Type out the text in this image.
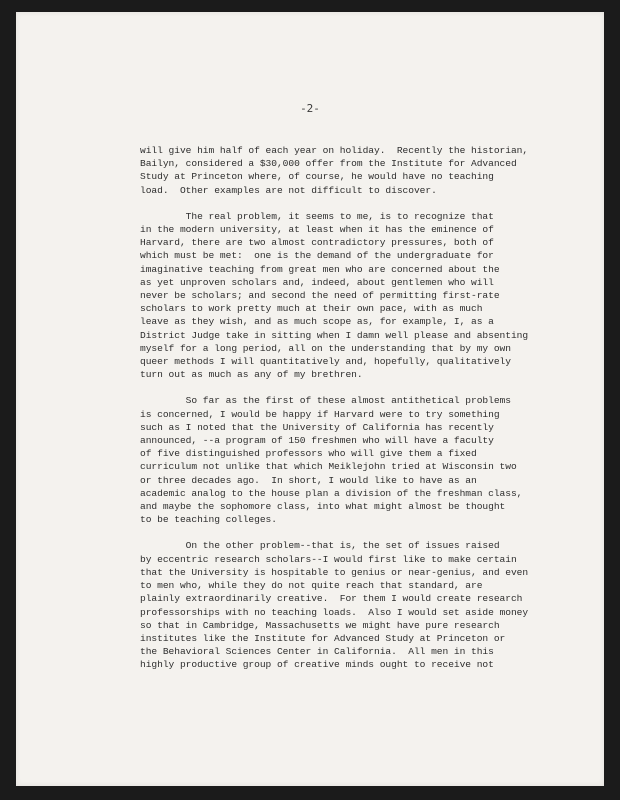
-2-
will give him half of each year on holiday.  Recently the historian,
Bailyn, considered a $30,000 offer from the Institute for Advanced
Study at Princeton where, of course, he would have no teaching
load.  Other examples are not difficult to discover.
The real problem, it seems to me, is to recognize that
in the modern university, at least when it has the eminence of
Harvard, there are two almost contradictory pressures, both of
which must be met:  one is the demand of the undergraduate for
imaginative teaching from great men who are concerned about the
as yet unproven scholars and, indeed, about gentlemen who will
never be scholars; and second the need of permitting first-rate
scholars to work pretty much at their own pace, with as much
leave as they wish, and as much scope as, for example, I, as a
District Judge take in sitting when I damn well please and absenting
myself for a long period, all on the understanding that by my own
queer methods I will quantitatively and, hopefully, qualitatively
turn out as much as any of my brethren.
So far as the first of these almost antithetical problems
is concerned, I would be happy if Harvard were to try something
such as I noted that the University of California has recently
announced, --a program of 150 freshmen who will have a faculty
of five distinguished professors who will give them a fixed
curriculum not unlike that which Meiklejohn tried at Wisconsin two
or three decades ago.  In short, I would like to have as an
academic analog to the house plan a division of the freshman class,
and maybe the sophomore class, into what might almost be thought
to be teaching colleges.
On the other problem--that is, the set of issues raised
by eccentric research scholars--I would first like to make certain
that the University is hospitable to genius or near-genius, and even
to men who, while they do not quite reach that standard, are
plainly extraordinarily creative.  For them I would create research
professorships with no teaching loads.  Also I would set aside money
so that in Cambridge, Massachusetts we might have pure research
institutes like the Institute for Advanced Study at Princeton or
the Behavioral Sciences Center in California.  All men in this
highly productive group of creative minds ought to receive not
